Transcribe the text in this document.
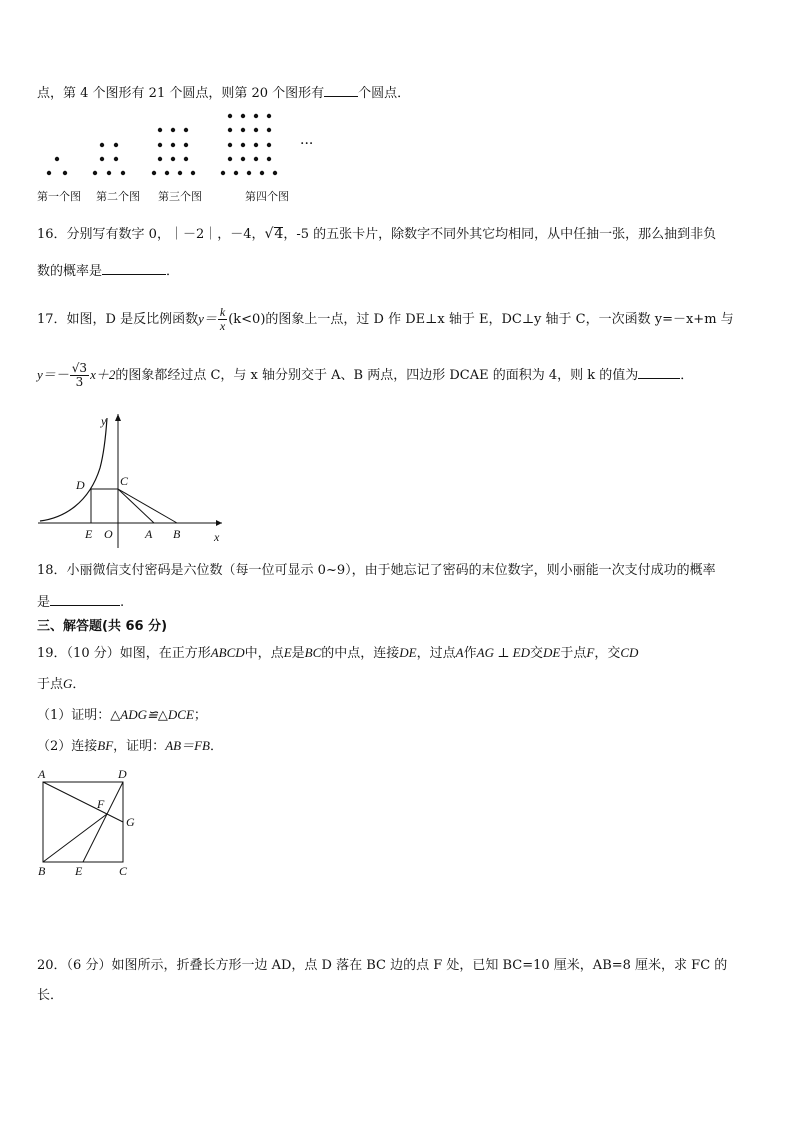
点，第 4 个图形有 21 个圆点，则第 20 个图形有	个圆点．
···
第一个图 第二个图 第三个图	第四个图
16．分别写有数字 0，｜－2｜，－4，√4，-5 的五张卡片，除数字不同外其它均相同，从中任抽一张，那么抽到非负
数的概率是	．
17．如图，D 是反比例函数$y= \frac{k}{x} (k<0)$的图象上一点，过 D 作 DE⊥x 轴于 E，DC⊥y 轴于 C，一次函数 y=－x+m 与
$y=- \frac{√3}{3} x+2$的图象都经过点 C，与 x 轴分别交于 A、B 两点，四边形 DCAE 的面积为 4，则 k 的值为	．
y
x
D	C
E O	A B
18．小丽微信支付密码是六位数（每一位可显示 0~9），由于她忘记了密码的末位数字，则小丽能一次支付成功的概率
是	.
三、解答题(共 66 分)
19．（10 分）如图，在正方形ABCD中，点E是BC的中点，连接DE，过点A作AG ⊥ ED交DE于点F，交CD
于点G．
（1）证明：△ADG≌△DCE；
（2）连接BF，证明：AB＝FB．
A	D
F
G
B E	C
20．（6 分）如图所示，折叠长方形一边 AD，点 D 落在 BC 边的点 F 处，已知 BC=10 厘米，AB=8 厘米，求 FC 的
长．
